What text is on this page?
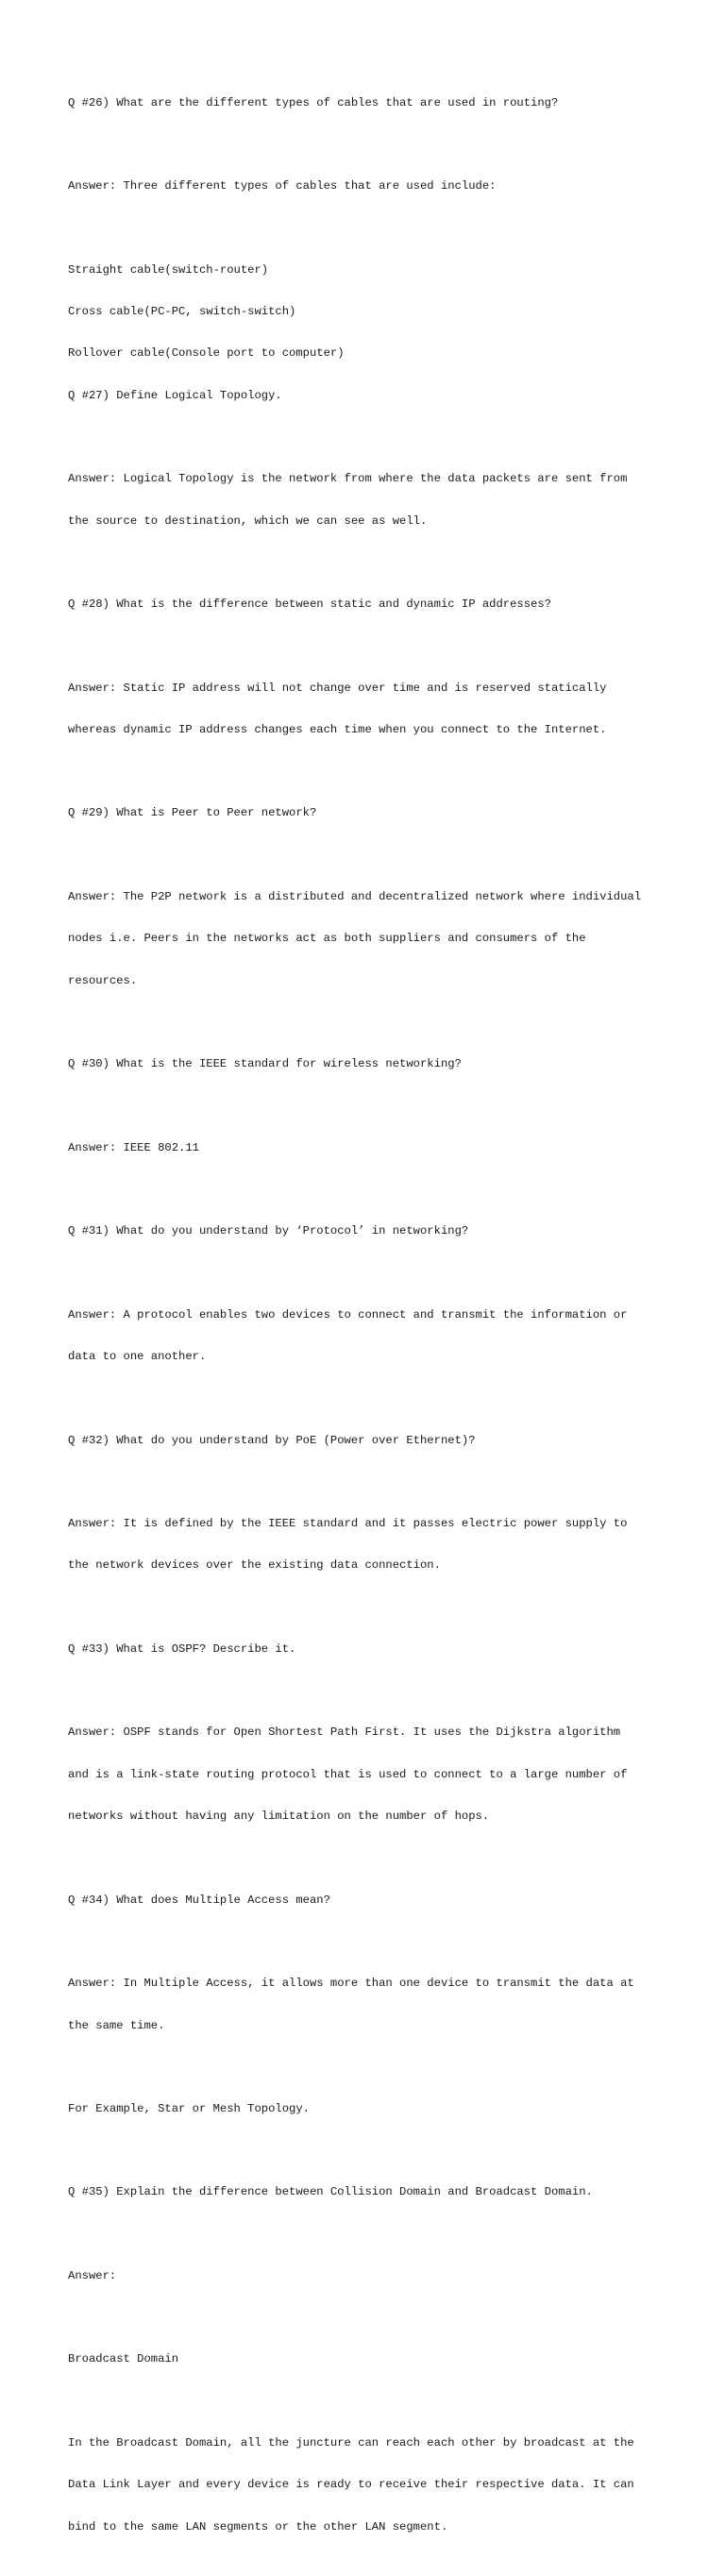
Q #26) What are the different types of cables that are used in routing?

Answer: Three different types of cables that are used include:

Straight cable(switch-router)

Cross cable(PC-PC, switch-switch)

Rollover cable(Console port to computer)

Q #27) Define Logical Topology.

Answer: Logical Topology is the network from where the data packets are sent from

the source to destination, which we can see as well.

Q #28) What is the difference between static and dynamic IP addresses?

Answer: Static IP address will not change over time and is reserved statically

whereas dynamic IP address changes each time when you connect to the Internet.

Q #29) What is Peer to Peer network?

Answer: The P2P network is a distributed and decentralized network where individual

nodes i.e. Peers in the networks act as both suppliers and consumers of the

resources.

Q #30) What is the IEEE standard for wireless networking?

Answer: IEEE 802.11

Q #31) What do you understand by ‘Protocol’ in networking?

Answer: A protocol enables two devices to connect and transmit the information or

data to one another.

Q #32) What do you understand by PoE (Power over Ethernet)?

Answer: It is defined by the IEEE standard and it passes electric power supply to

the network devices over the existing data connection.

Q #33) What is OSPF? Describe it.

Answer: OSPF stands for Open Shortest Path First. It uses the Dijkstra algorithm

and is a link-state routing protocol that is used to connect to a large number of

networks without having any limitation on the number of hops.

Q #34) What does Multiple Access mean?

Answer: In Multiple Access, it allows more than one device to transmit the data at

the same time.

For Example, Star or Mesh Topology.

Q #35) Explain the difference between Collision Domain and Broadcast Domain.

Answer:

Broadcast Domain

In the Broadcast Domain, all the juncture can reach each other by broadcast at the

Data Link Layer and every device is ready to receive their respective data. It can

bind to the same LAN segments or the other LAN segment.
